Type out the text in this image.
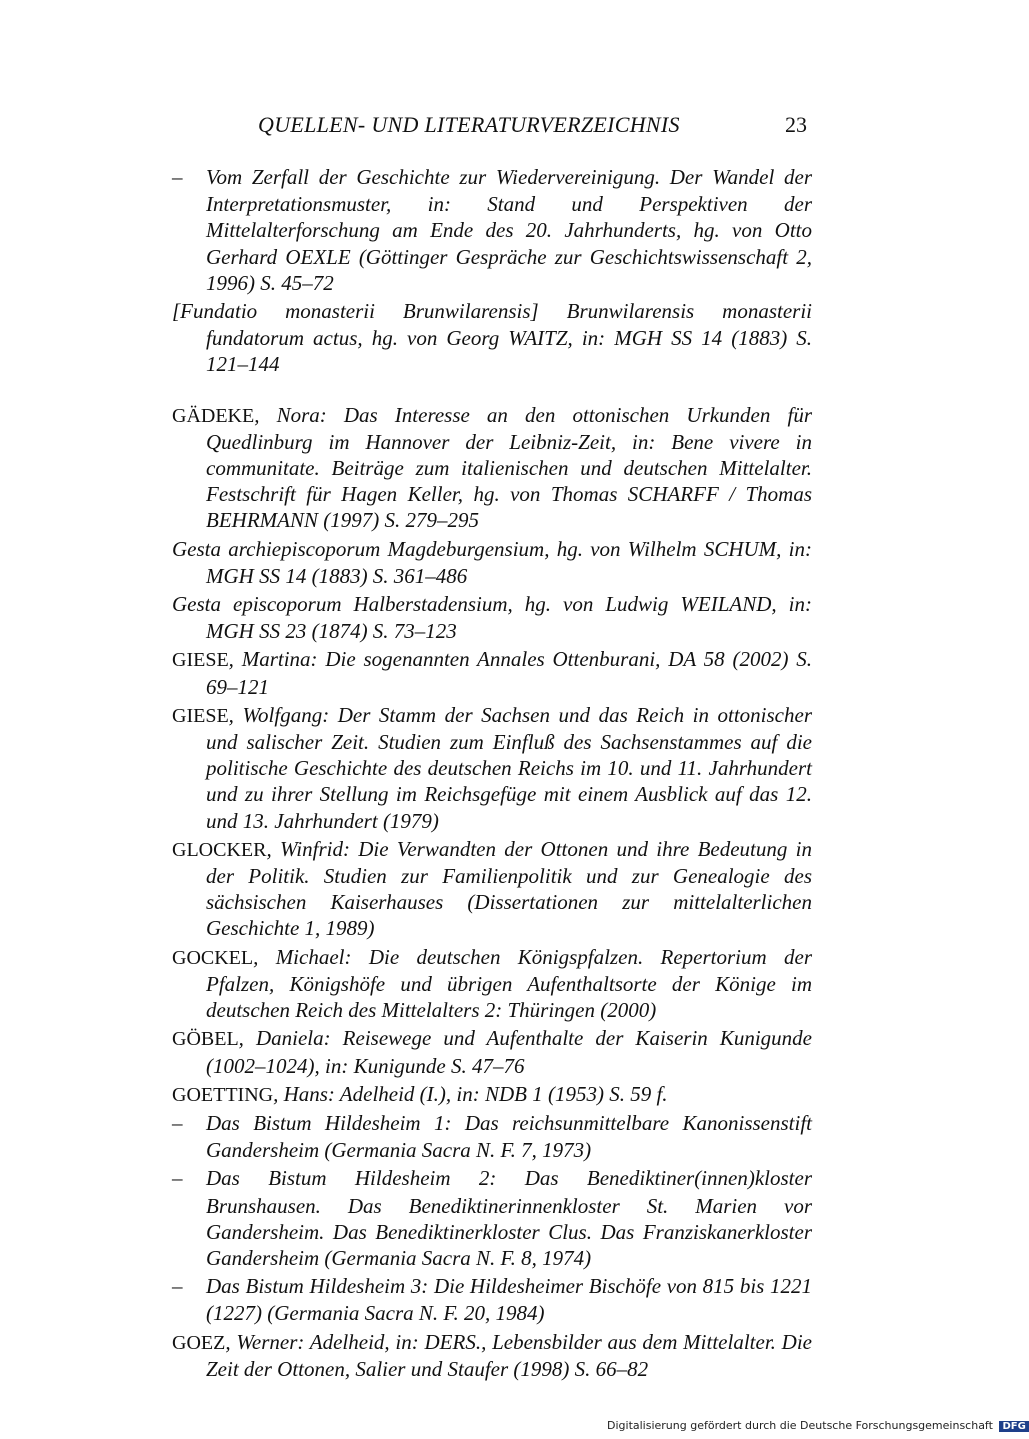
QUELLEN- UND LITERATURVERZEICHNIS	23

– Vom Zerfall der Geschichte zur Wiedervereinigung. Der Wandel der Interpretationsmuster, in: Stand und Perspektiven der Mittelalterforschung am Ende des 20. Jahrhunderts, hg. von Otto Gerhard OEXLE (Göttinger Gespräche zur Geschichtswissenschaft 2, 1996) S. 45–72

[Fundatio monasterii Brunwilarensis] Brunwilarensis monasterii fundatorum actus, hg. von Georg WAITZ, in: MGH SS 14 (1883) S. 121–144

GÄDEKE, Nora: Das Interesse an den ottonischen Urkunden für Quedlinburg im Hannover der Leibniz-Zeit, in: Bene vivere in communitate. Beiträge zum italienischen und deutschen Mittelalter. Festschrift für Hagen Keller, hg. von Thomas SCHARFF / Thomas BEHRMANN (1997) S. 279–295

Gesta archiepiscoporum Magdeburgensium, hg. von Wilhelm SCHUM, in: MGH SS 14 (1883) S. 361–486

Gesta episcoporum Halberstadensium, hg. von Ludwig WEILAND, in: MGH SS 23 (1874) S. 73–123

GIESE, Martina: Die sogenannten Annales Ottenburani, DA 58 (2002) S. 69–121

GIESE, Wolfgang: Der Stamm der Sachsen und das Reich in ottonischer und salischer Zeit. Studien zum Einfluß des Sachsenstammes auf die politische Geschichte des deutschen Reichs im 10. und 11. Jahrhundert und zu ihrer Stellung im Reichsgefüge mit einem Ausblick auf das 12. und 13. Jahrhundert (1979)

GLOCKER, Winfrid: Die Verwandten der Ottonen und ihre Bedeutung in der Politik. Studien zur Familienpolitik und zur Genealogie des sächsischen Kaiserhauses (Dissertationen zur mittelalterlichen Geschichte 1, 1989)

GOCKEL, Michael: Die deutschen Königspfalzen. Repertorium der Pfalzen, Königshöfe und übrigen Aufenthaltsorte der Könige im deutschen Reich des Mittelalters 2: Thüringen (2000)

GÖBEL, Daniela: Reisewege und Aufenthalte der Kaiserin Kunigunde (1002–1024), in: Kunigunde S. 47–76

GOETTING, Hans: Adelheid (I.), in: NDB 1 (1953) S. 59 f.

– Das Bistum Hildesheim 1: Das reichsunmittelbare Kanonissenstift Gandersheim (Germania Sacra N. F. 7, 1973)

– Das Bistum Hildesheim 2: Das Benediktiner(innen)kloster Brunshausen. Das Benediktinerinnenkloster St. Marien vor Gandersheim. Das Benediktinerkloster Clus. Das Franziskanerkloster Gandersheim (Germania Sacra N. F. 8, 1974)

– Das Bistum Hildesheim 3: Die Hildesheimer Bischöfe von 815 bis 1221 (1227) (Germania Sacra N. F. 20, 1984)

GOEZ, Werner: Adelheid, in: DERS., Lebensbilder aus dem Mittelalter. Die Zeit der Ottonen, Salier und Staufer (1998) S. 66–82

Digitalisierung gefördert durch die Deutsche Forschungsgemeinschaft DFG
